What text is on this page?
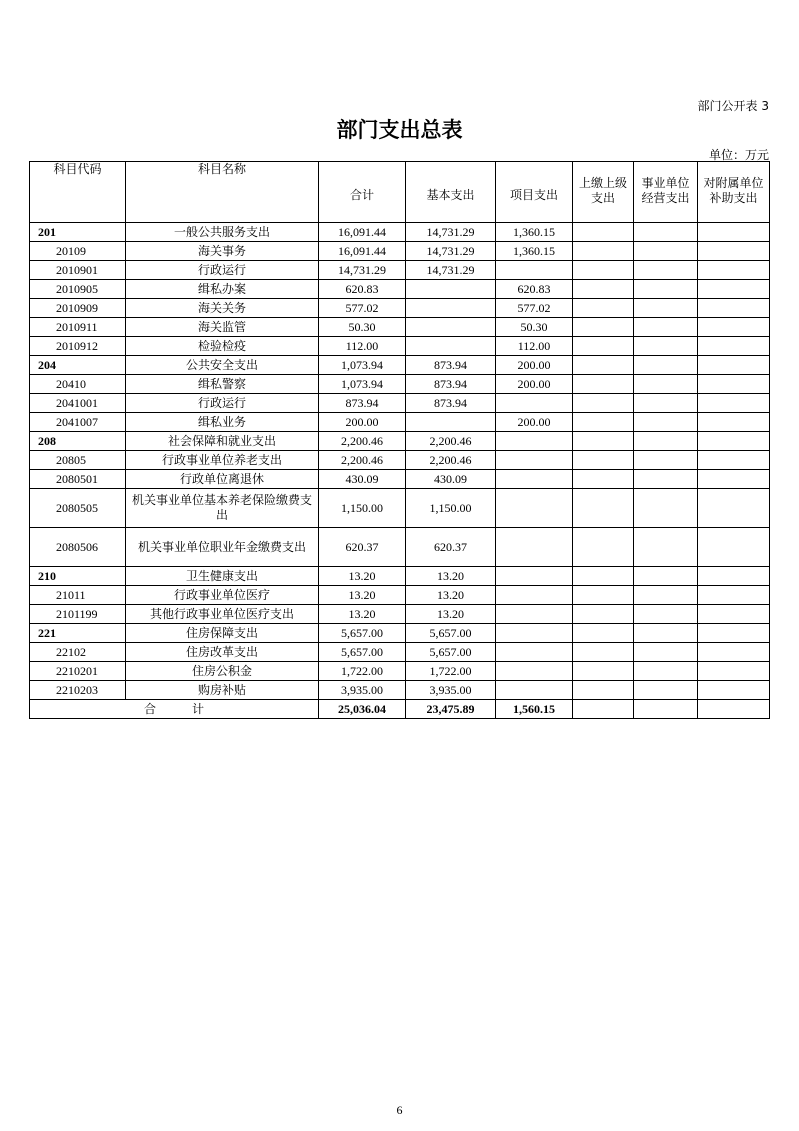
部门公开表 3
部门支出总表
单位：万元
科目代码	科目名称	合计	基本支出	项目支出	上缴上级支出	事业单位经营支出	对附属单位补助支出
201	一般公共服务支出	16,091.44	14,731.29	1,360.15			
20109	海关事务	16,091.44	14,731.29	1,360.15			
2010901	行政运行	14,731.29	14,731.29				
2010905	缉私办案	620.83		620.83			
2010909	海关关务	577.02		577.02			
2010911	海关监管	50.30		50.30			
2010912	检验检疫	112.00		112.00			
204	公共安全支出	1,073.94	873.94	200.00			
20410	缉私警察	1,073.94	873.94	200.00			
2041001	行政运行	873.94	873.94				
2041007	缉私业务	200.00		200.00			
208	社会保障和就业支出	2,200.46	2,200.46				
20805	行政事业单位养老支出	2,200.46	2,200.46				
2080501	行政单位离退休	430.09	430.09				
2080505	机关事业单位基本养老保险缴费支出	1,150.00	1,150.00				
2080506	机关事业单位职业年金缴费支出	620.37	620.37				
210	卫生健康支出	13.20	13.20				
21011	行政事业单位医疗	13.20	13.20				
2101199	其他行政事业单位医疗支出	13.20	13.20				
221	住房保障支出	5,657.00	5,657.00				
22102	住房改革支出	5,657.00	5,657.00				
2210201	住房公积金	1,722.00	1,722.00				
2210203	购房补贴	3,935.00	3,935.00				
合　　　计		25,036.04	23,475.89	1,560.15			
6
